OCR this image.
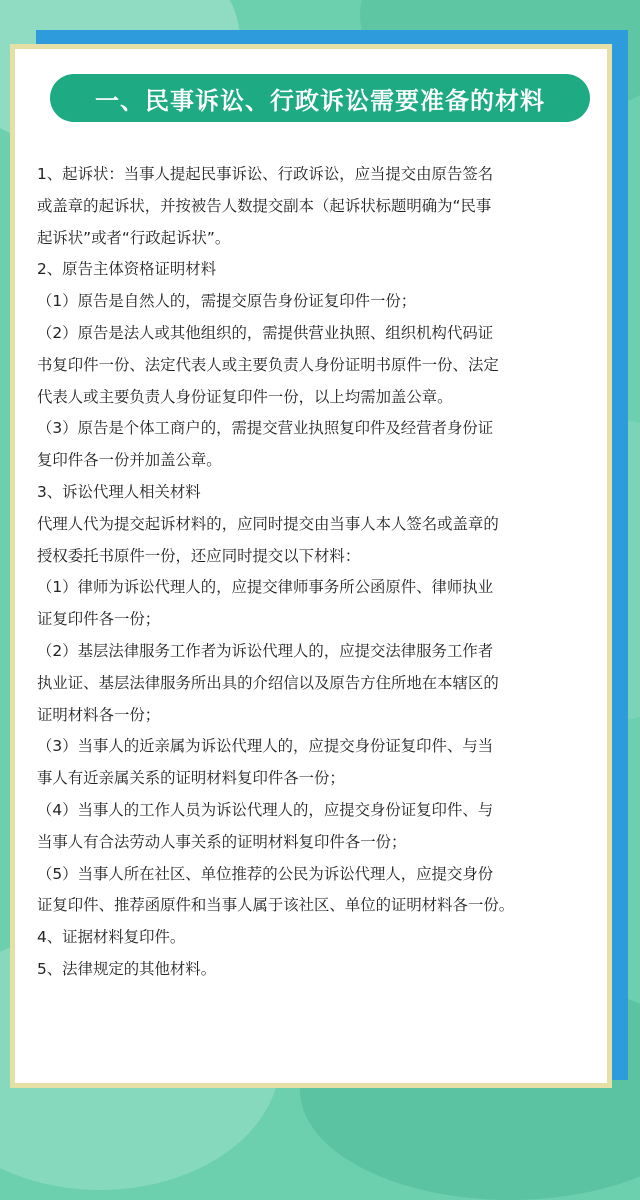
一、民事诉讼、行政诉讼需要准备的材料

1、起诉状：当事人提起民事诉讼、行政诉讼，应当提交由原告签名
或盖章的起诉状，并按被告人数提交副本（起诉状标题明确为“民事
起诉状”或者“行政起诉状”。

2、原告主体资格证明材料

（1）原告是自然人的，需提交原告身份证复印件一份；

（2）原告是法人或其他组织的，需提供营业执照、组织机构代码证
书复印件一份、法定代表人或主要负责人身份证明书原件一份、法定
代表人或主要负责人身份证复印件一份，以上均需加盖公章。

（3）原告是个体工商户的，需提交营业执照复印件及经营者身份证
复印件各一份并加盖公章。

3、诉讼代理人相关材料

代理人代为提交起诉材料的，应同时提交由当事人本人签名或盖章的
授权委托书原件一份，还应同时提交以下材料：

（1）律师为诉讼代理人的，应提交律师事务所公函原件、律师执业
证复印件各一份；

（2）基层法律服务工作者为诉讼代理人的，应提交法律服务工作者
执业证、基层法律服务所出具的介绍信以及原告方住所地在本辖区的
证明材料各一份；

（3）当事人的近亲属为诉讼代理人的，应提交身份证复印件、与当
事人有近亲属关系的证明材料复印件各一份；

（4）当事人的工作人员为诉讼代理人的，应提交身份证复印件、与
当事人有合法劳动人事关系的证明材料复印件各一份；

（5）当事人所在社区、单位推荐的公民为诉讼代理人，应提交身份
证复印件、推荐函原件和当事人属于该社区、单位的证明材料各一份。

4、证据材料复印件。

5、法律规定的其他材料。
